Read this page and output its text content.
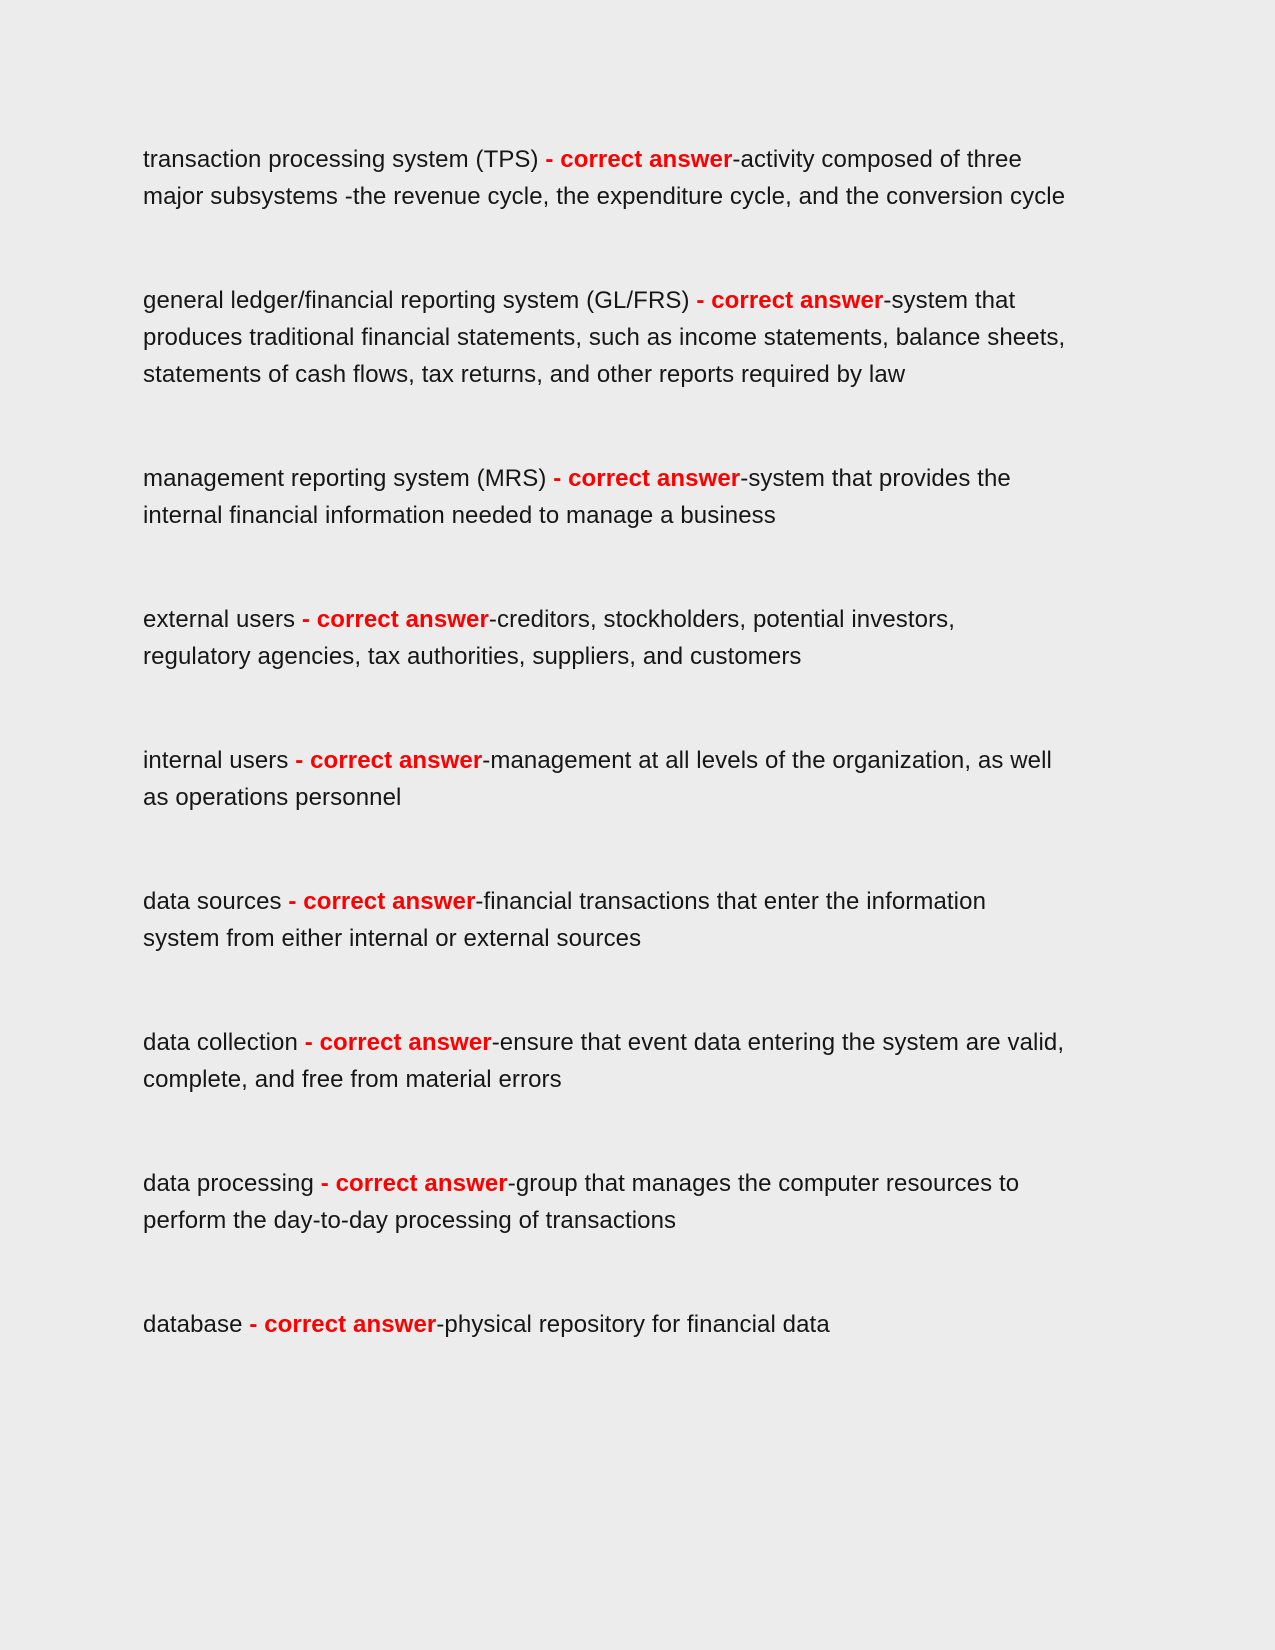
transaction processing system (TPS) - correct answer-activity composed of three major subsystems -the revenue cycle, the expenditure cycle, and the conversion cycle

general ledger/financial reporting system (GL/FRS) - correct answer-system that produces traditional financial statements, such as income statements, balance sheets, statements of cash flows, tax returns, and other reports required by law

management reporting system (MRS) - correct answer-system that provides the internal financial information needed to manage a business

external users - correct answer-creditors, stockholders, potential investors, regulatory agencies, tax authorities, suppliers, and customers

internal users - correct answer-management at all levels of the organization, as well as operations personnel

data sources - correct answer-financial transactions that enter the information system from either internal or external sources

data collection - correct answer-ensure that event data entering the system are valid, complete, and free from material errors

data processing - correct answer-group that manages the computer resources to perform the day-to-day processing of transactions

database - correct answer-physical repository for financial data
